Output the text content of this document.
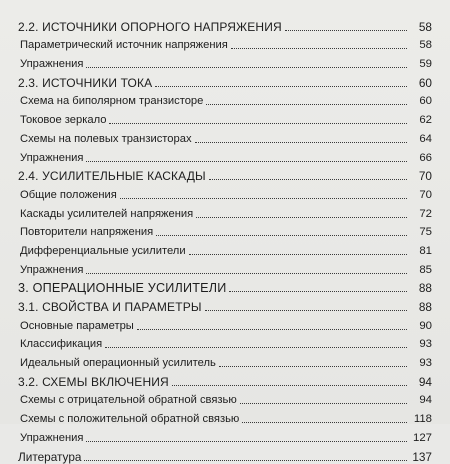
2.2. ИСТОЧНИКИ ОПОРНОГО НАПРЯЖЕНИЯ	58
Параметрический источник напряжения	58
Упражнения	59
2.3. ИСТОЧНИКИ ТОКА	60
Схема на биполярном транзисторе	60
Токовое зеркало	62
Схемы на полевых транзисторах	64
Упражнения	66
2.4. УСИЛИТЕЛЬНЫЕ КАСКАДЫ	70
Общие положения	70
Каскады усилителей напряжения	72
Повторители напряжения	75
Дифференциальные усилители	81
Упражнения	85
3. ОПЕРАЦИОННЫЕ УСИЛИТЕЛИ	88
3.1. СВОЙСТВА И ПАРАМЕТРЫ	88
Основные параметры	90
Классификация	93
Идеальный операционный усилитель	93
3.2. СХЕМЫ ВКЛЮЧЕНИЯ	94
Схемы с отрицательной обратной связью	94
Схемы с положительной обратной связью	118
Упражнения	127
Литература	137
